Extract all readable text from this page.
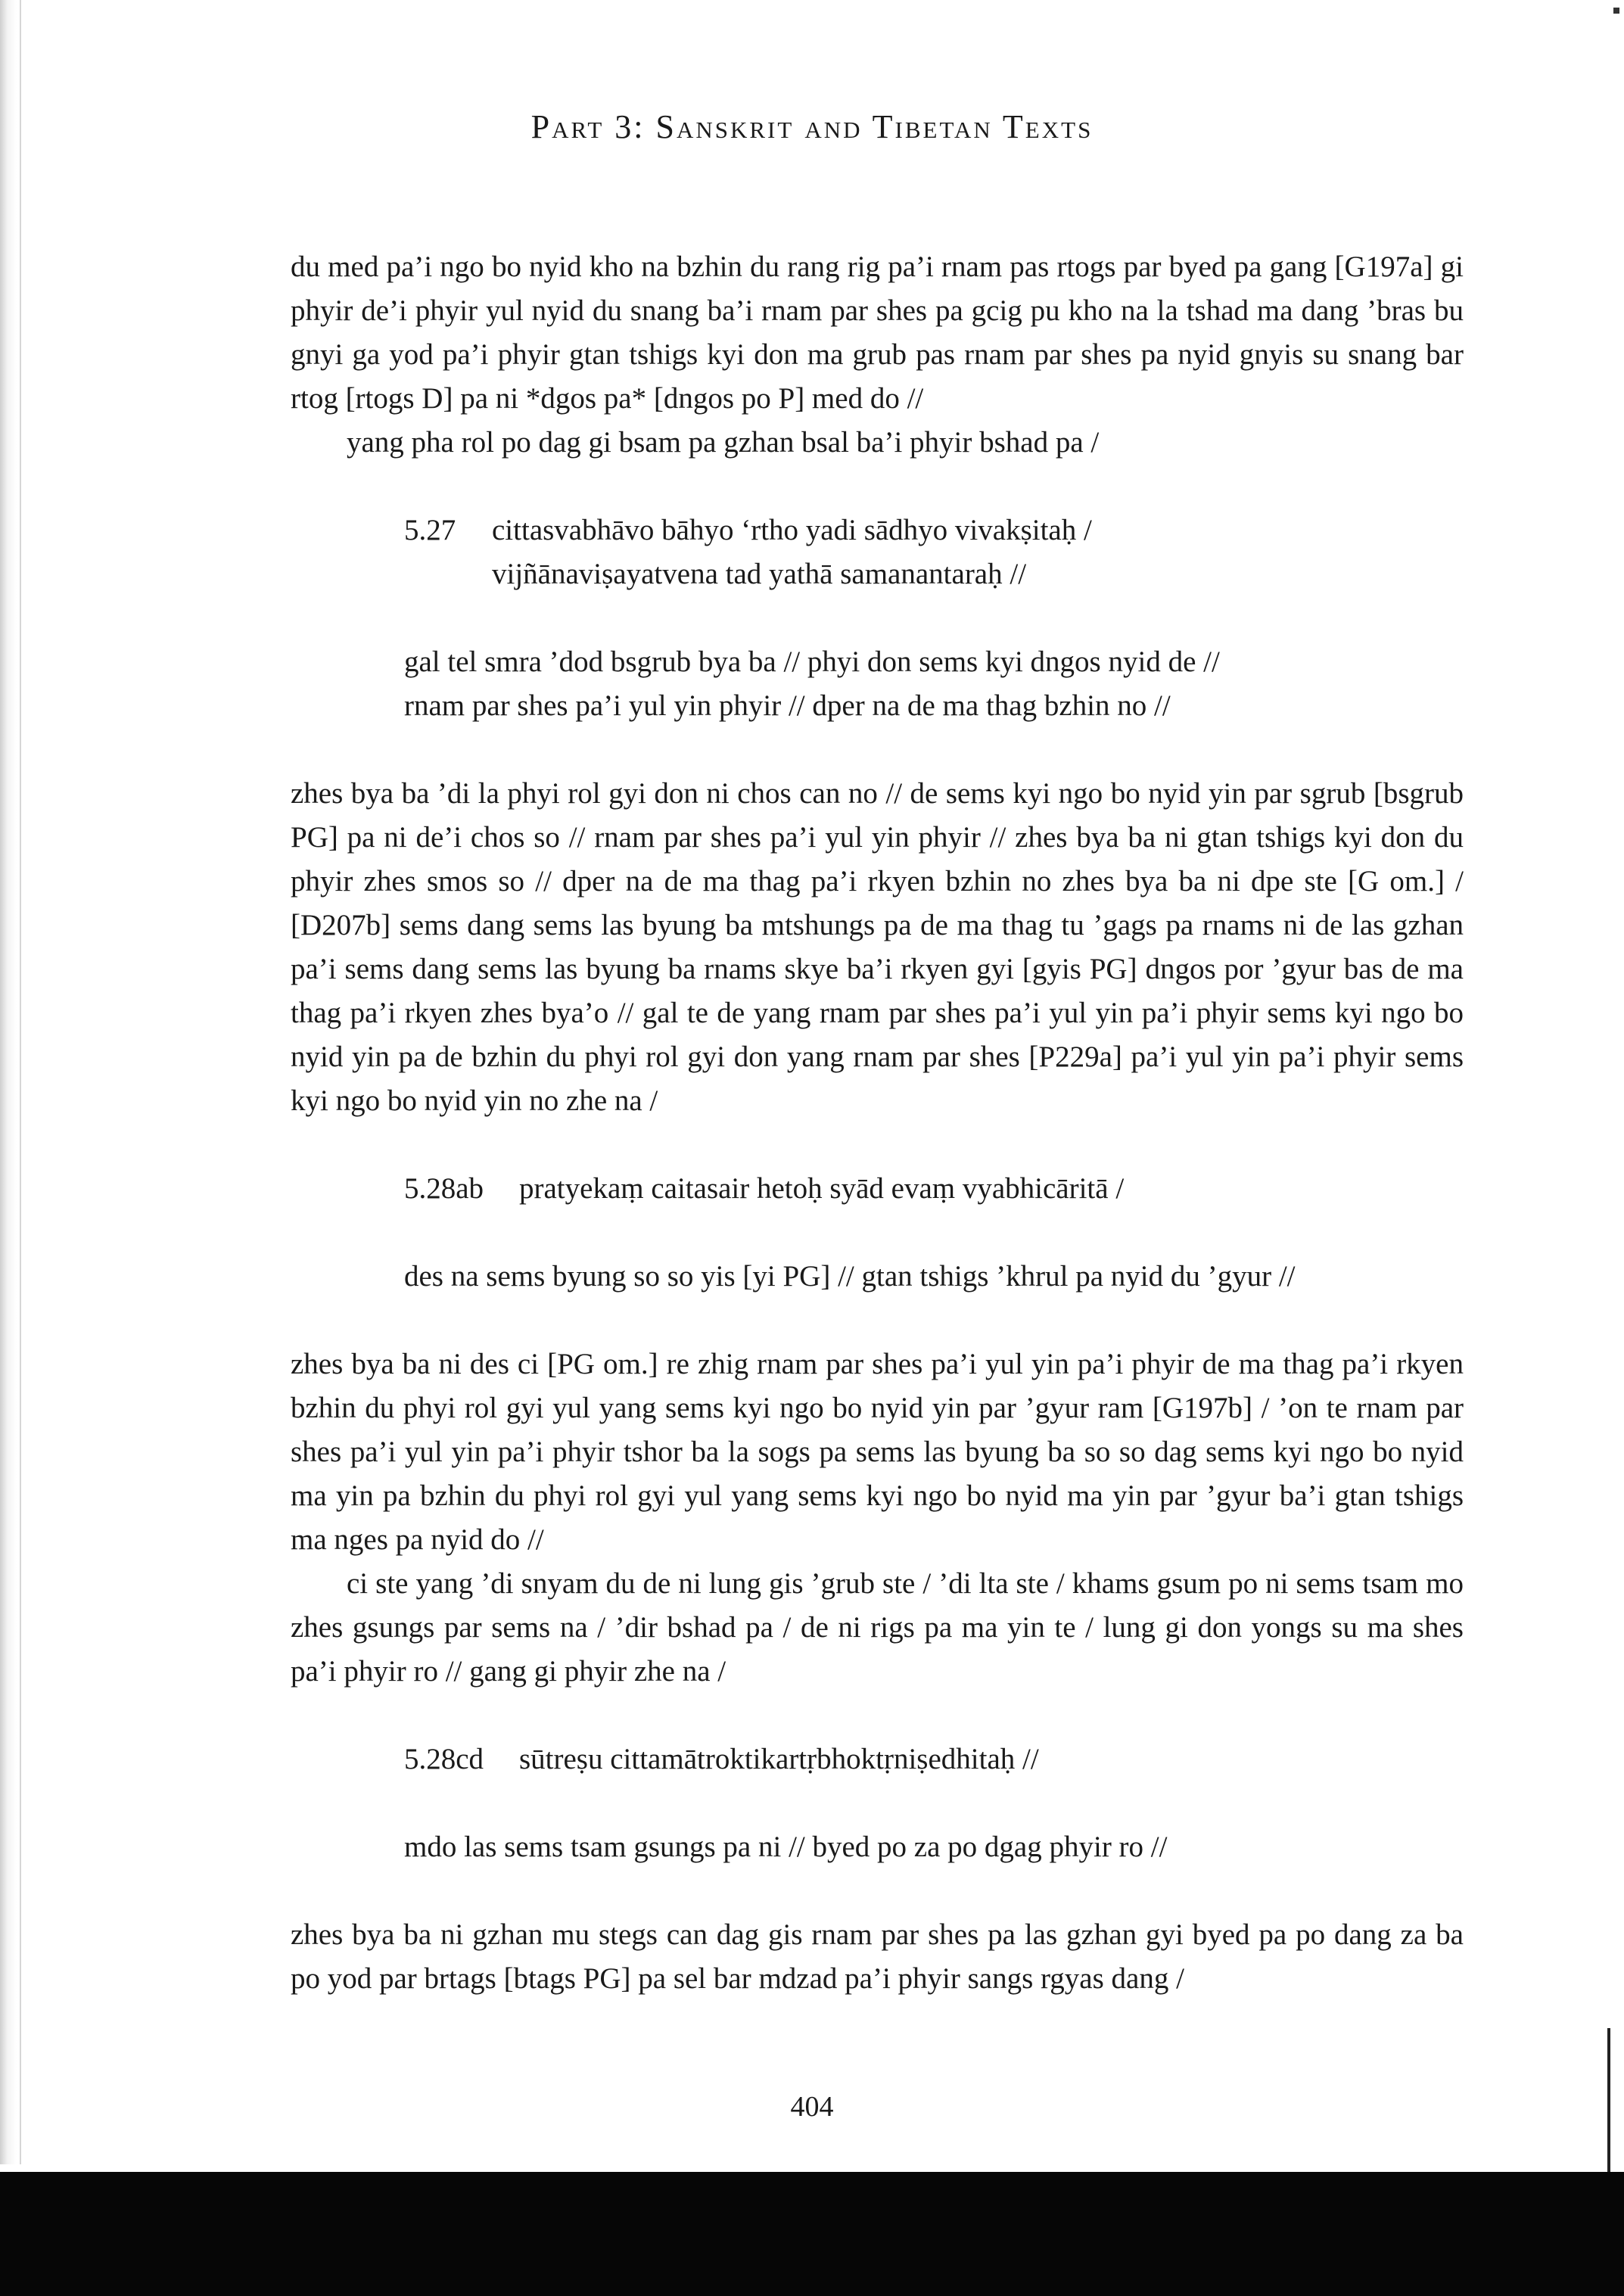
Part 3: Sanskrit and Tibetan Texts
du med pa’i ngo bo nyid kho na bzhin du rang rig pa’i rnam pas rtogs par byed pa gang [G197a] gi phyir de’i phyir yul nyid du snang ba’i rnam par shes pa gcig pu kho na la tshad ma dang ’bras bu gnyi ga yod pa’i phyir gtan tshigs kyi don ma grub pas rnam par shes pa nyid gnyis su snang bar rtog [rtogs D] pa ni *dgos pa* [dngos po P] med do //
yang pha rol po dag gi bsam pa gzhan bsal ba’i phyir bshad pa /
5.27	cittasvabhāvo bāhyo ‘rtho yadi sādhyo vivakṣitaḥ /
vijñānaviṣayatvena tad yathā samanantaraḥ //
gal tel smra ’dod bsgrub bya ba // phyi don sems kyi dngos nyid de //
rnam par shes pa’i yul yin phyir // dper na de ma thag bzhin no //
zhes bya ba ’di la phyi rol gyi don ni chos can no // de sems kyi ngo bo nyid yin par sgrub [bsgrub PG] pa ni de’i chos so // rnam par shes pa’i yul yin phyir // zhes bya ba ni gtan tshigs kyi don du phyir zhes smos so // dper na de ma thag pa’i rkyen bzhin no zhes bya ba ni dpe ste [G om.] / [D207b] sems dang sems las byung ba mtshungs pa de ma thag tu ’gags pa rnams ni de las gzhan pa’i sems dang sems las byung ba rnams skye ba’i rkyen gyi [gyis PG] dngos por ’gyur bas de ma thag pa’i rkyen zhes bya’o // gal te de yang rnam par shes pa’i yul yin pa’i phyir sems kyi ngo bo nyid yin pa de bzhin du phyi rol gyi don yang rnam par shes [P229a] pa’i yul yin pa’i phyir sems kyi ngo bo nyid yin no zhe na /
5.28ab	pratyekaṃ caitasair hetoḥ syād evaṃ vyabhicāritā /
des na sems byung so so yis [yi PG] // gtan tshigs ’khrul pa nyid du ’gyur //
zhes bya ba ni des ci [PG om.] re zhig rnam par shes pa’i yul yin pa’i phyir de ma thag pa’i rkyen bzhin du phyi rol gyi yul yang sems kyi ngo bo nyid yin par ’gyur ram [G197b] / ’on te rnam par shes pa’i yul yin pa’i phyir tshor ba la sogs pa sems las byung ba so so dag sems kyi ngo bo nyid ma yin pa bzhin du phyi rol gyi yul yang sems kyi ngo bo nyid ma yin par ’gyur ba’i gtan tshigs ma nges pa nyid do //
ci ste yang ’di snyam du de ni lung gis ’grub ste / ’di lta ste / khams gsum po ni sems tsam mo zhes gsungs par sems na / ’dir bshad pa / de ni rigs pa ma yin te / lung gi don yongs su ma shes pa’i phyir ro // gang gi phyir zhe na /
5.28cd	sūtreṣu cittamātroktikartṛbhoktṛniṣedhitaḥ //
mdo las sems tsam gsungs pa ni // byed po za po dgag phyir ro //
zhes bya ba ni gzhan mu stegs can dag gis rnam par shes pa las gzhan gyi byed pa po dang za ba po yod par brtags [btags PG] pa sel bar mdzad pa’i phyir sangs rgyas dang /
404
